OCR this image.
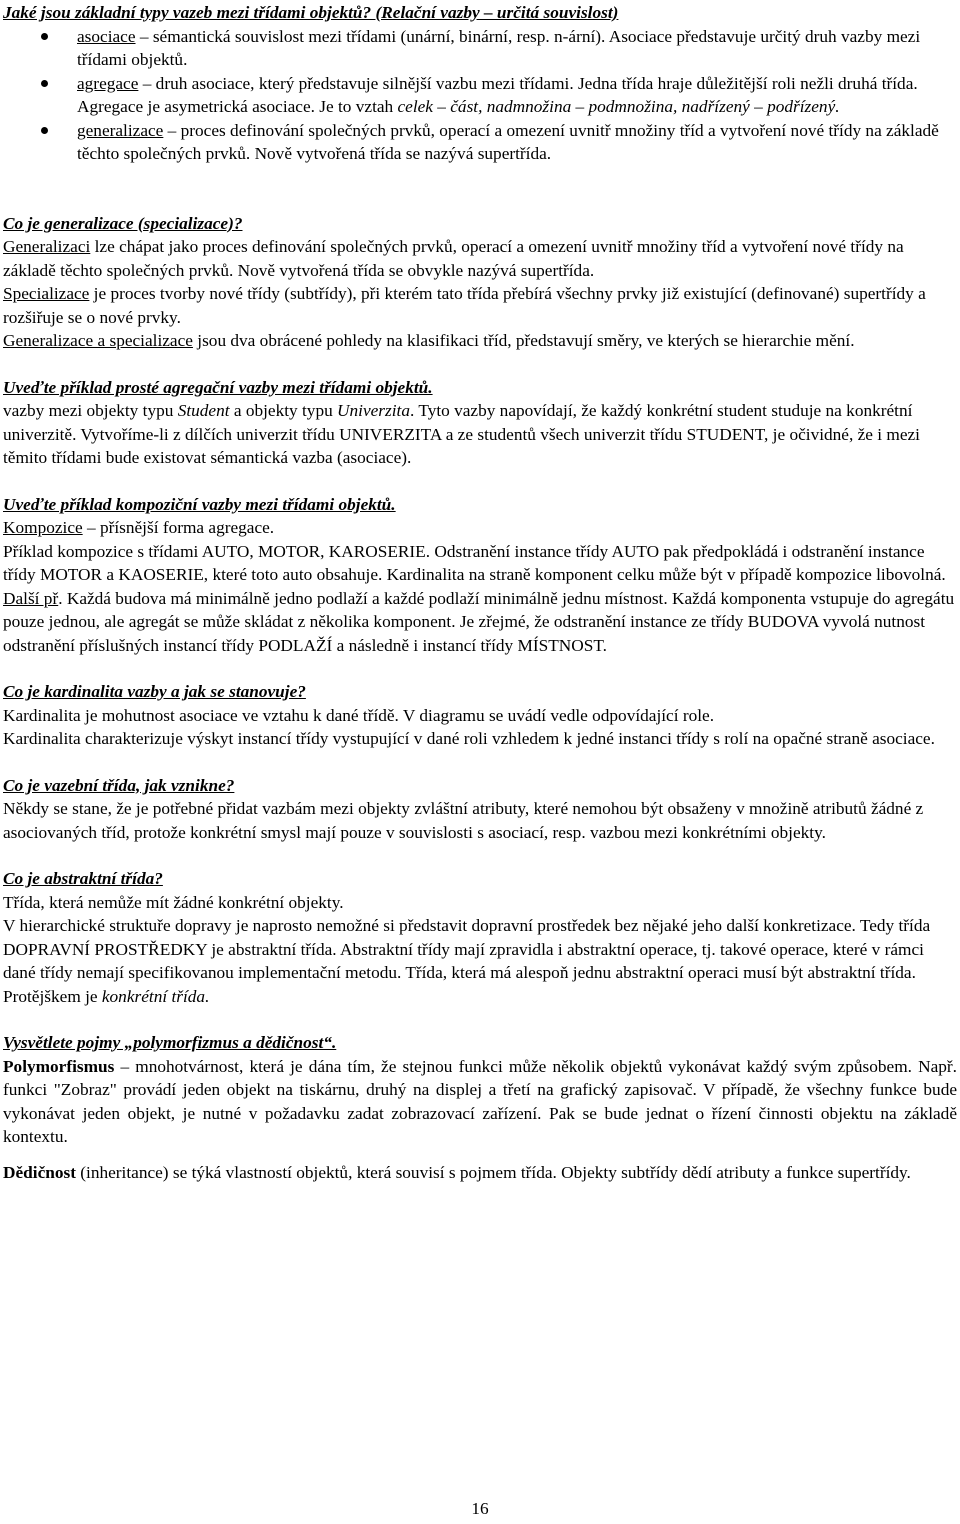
Jaké jsou základní typy vazeb mezi třídami objektů? (Relační vazby – určitá souvislost)

asociace – sémantická souvislost mezi třídami (unární, binární, resp. n-ární). Asociace představuje určitý druh vazby mezi třídami objektů.
agregace – druh asociace, který představuje silnější vazbu mezi třídami. Jedna třída hraje důležitější roli nežli druhá třída. Agregace je asymetrická asociace. Je to vztah celek – část, nadmnožina – podmnožina, nadřízený – podřízený.
generalizace – proces definování společných prvků, operací a omezení uvnitř množiny tříd a vytvoření nové třídy na základě těchto společných prvků. Nově vytvořená třída se nazývá supertřída.

Co je generalizace (specializace)?

Generalizaci lze chápat jako proces definování společných prvků, operací a omezení uvnitř množiny tříd a vytvoření nové třídy na základě těchto společných prvků. Nově vytvořená třída se obvykle nazývá supertřída.

Specializace je proces tvorby nové třídy (subtřídy), při kterém tato třída přebírá všechny prvky již existující (definované) supertřídy a rozšiřuje se o nové prvky.

Generalizace a specializace jsou dva obrácené pohledy na klasifikaci tříd, představují směry, ve kterých se hierarchie mění.

Uveďte příklad prosté agregační vazby mezi třídami objektů.

vazby mezi objekty typu Student a objekty typu Univerzita. Tyto vazby napovídají, že každý konkrétní student studuje na konkrétní univerzitě. Vytvoříme-li z dílčích univerzit třídu UNIVERZITA a ze studentů všech univerzit třídu STUDENT, je očividné, že i mezi těmito třídami bude existovat sémantická vazba (asociace).

Uveďte příklad kompoziční vazby mezi třídami objektů.

Kompozice – přísnější forma agregace.

Příklad kompozice s třídami AUTO, MOTOR, KAROSERIE. Odstranění instance třídy AUTO pak předpokládá i odstranění instance třídy MOTOR a KAOSERIE, které toto auto obsahuje. Kardinalita na straně komponent celku může být v případě kompozice libovolná. Další př. Každá budova má minimálně jedno podlaží a každé podlaží minimálně jednu místnost. Každá komponenta vstupuje do agregátu pouze jednou, ale agregát se může skládat z několika komponent. Je zřejmé, že odstranění instance ze třídy BUDOVA vyvolá nutnost odstranění příslušných instancí třídy PODLAŽÍ a následně i instancí třídy MÍSTNOST.

Co je kardinalita vazby a jak se stanovuje?

Kardinalita je mohutnost asociace ve vztahu k dané třídě. V diagramu se uvádí vedle odpovídající role.

Kardinalita charakterizuje výskyt instancí třídy vystupující v dané roli vzhledem k jedné instanci třídy s rolí na opačné straně asociace.

Co je vazební třída, jak vznikne?

Někdy se stane, že je potřebné přidat vazbám mezi objekty zvláštní atributy, které nemohou být obsaženy v množině atributů žádné z asociovaných tříd, protože konkrétní smysl mají pouze v souvislosti s asociací, resp. vazbou mezi konkrétními objekty.

Co je abstraktní třída?

Třída, která nemůže mít žádné konkrétní objekty.

V hierarchické struktuře dopravy je naprosto nemožné si představit dopravní prostředek bez nějaké jeho další konkretizace. Tedy třída DOPRAVNÍ PROSTŘEDKY je abstraktní třída. Abstraktní třídy mají zpravidla i abstraktní operace, tj. takové operace, které v rámci dané třídy nemají specifikovanou implementační metodu. Třída, která má alespoň jednu abstraktní operaci musí být abstraktní třída. Protějškem je konkrétní třída.

Vysvětlete pojmy „polymorfizmus a dědičnost“.

Polymorfismus – mnohotvárnost, která je dána tím, že stejnou funkci může několik objektů vykonávat každý svým způsobem. Např. funkci "Zobraz" provádí jeden objekt na tiskárnu, druhý na displej a třetí na grafický zapisovač. V případě, že všechny funkce bude vykonávat jeden objekt, je nutné v požadavku zadat zobrazovací zařízení. Pak se bude jednat o řízení činnosti objektu na základě kontextu.

Dědičnost (inheritance) se týká vlastností objektů, která souvisí s pojmem třída. Objekty subtřídy dědí atributy a funkce supertřídy.

16
